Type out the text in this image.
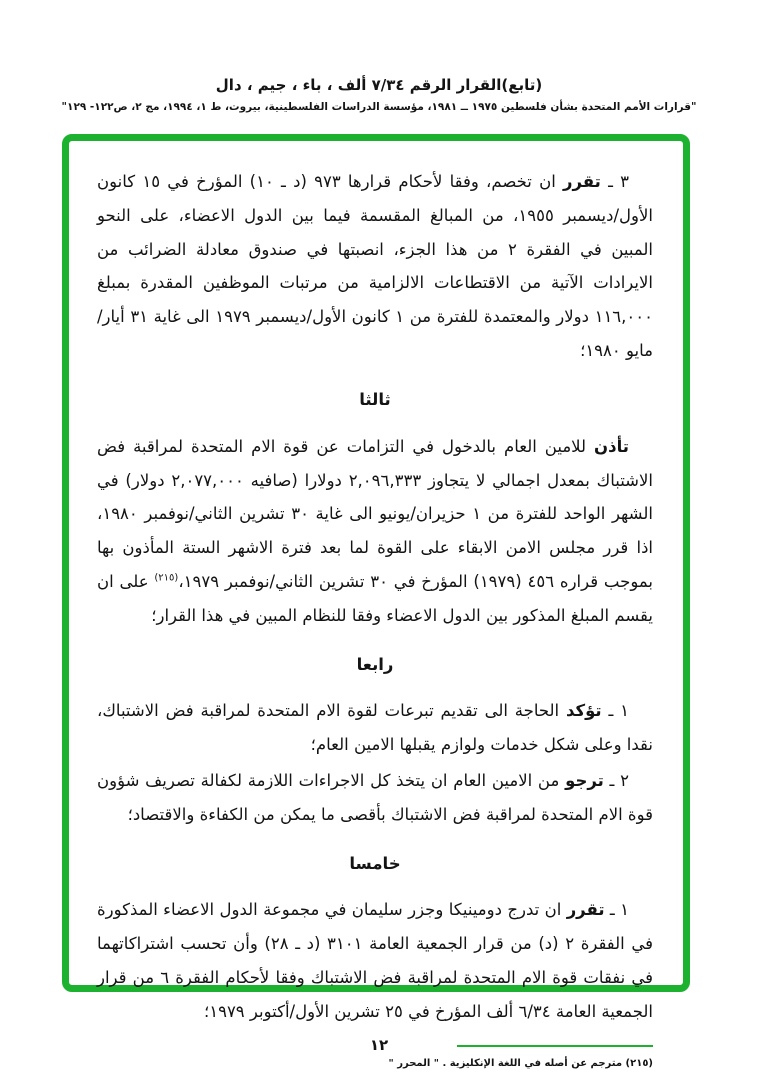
(تابع)القرار الرقم ٧/٣٤ ألف ، باء ، جيم ، دال
"قرارات الأمم المتحدة بشأن فلسطين ١٩٧٥ ــ ١٩٨١، مؤسسة الدراسات الفلسطينية، بيروت، ط ١، ١٩٩٤، مج ٢، ص١٢٢- ١٢٩"

٣ ـ تقرر ان تخصم، وفقا لأحكام قرارها ٩٧٣ (د ـ ١٠) المؤرخ في ١٥ كانون الأول/ديسمبر ١٩٥٥، من المبالغ المقسمة فيما بين الدول الاعضاء، على النحو المبين في الفقرة ٢ من هذا الجزء، انصبتها في صندوق معادلة الضرائب من الايرادات الآتية من الاقتطاعات الالزامية من مرتبات الموظفين المقدرة بمبلغ ١١٦,٠٠٠ دولار والمعتمدة للفترة من ١ كانون الأول/ديسمبر ١٩٧٩ الى غاية ٣١ أيار/مايو ١٩٨٠؛

ثالثا

تأذن للامين العام بالدخول في التزامات عن قوة الام المتحدة لمراقبة فض الاشتباك بمعدل اجمالي لا يتجاوز ٢,٠٩٦,٣٣٣ دولارا (صافيه ٢,٠٧٧,٠٠٠ دولار) في الشهر الواحد للفترة من ١ حزيران/يونيو الى غاية ٣٠ تشرين الثاني/نوفمبر ١٩٨٠، اذا قرر مجلس الامن الابقاء على القوة لما بعد فترة الاشهر الستة المأذون بها بموجب قراره ٤٥٦ (١٩٧٩) المؤرخ في ٣٠ تشرين الثاني/نوفمبر ١٩٧٩،$^{(٢١٥)}$ على ان يقسم المبلغ المذكور بين الدول الاعضاء وفقا للنظام المبين في هذا القرار؛

رابعا

١ ـ تؤكد الحاجة الى تقديم تبرعات لقوة الام المتحدة لمراقبة فض الاشتباك، نقدا وعلى شكل خدمات ولوازم يقبلها الامين العام؛

٢ ـ ترجو من الامين العام ان يتخذ كل الاجراءات اللازمة لكفالة تصريف شؤون قوة الام المتحدة لمراقبة فض الاشتباك بأقصى ما يمكن من الكفاءة والاقتصاد؛

خامسا

١ ـ تقرر ان تدرج دومينيكا وجزر سليمان في مجموعة الدول الاعضاء المذكورة في الفقرة ٢ (د) من قرار الجمعية العامة ٣١٠١ (د ـ ٢٨) وأن تحسب اشتراكاتهما في نفقات قوة الام المتحدة لمراقبة فض الاشتباك وفقا لأحكام الفقرة ٦ من قرار الجمعية العامة ٦/٣٤ ألف المؤرخ في ٢٥ تشرين الأول/أكتوبر ١٩٧٩؛

(٢١٥) مترجم عن أصله في اللغة الإنكليزية . " المحرر "
١٢
